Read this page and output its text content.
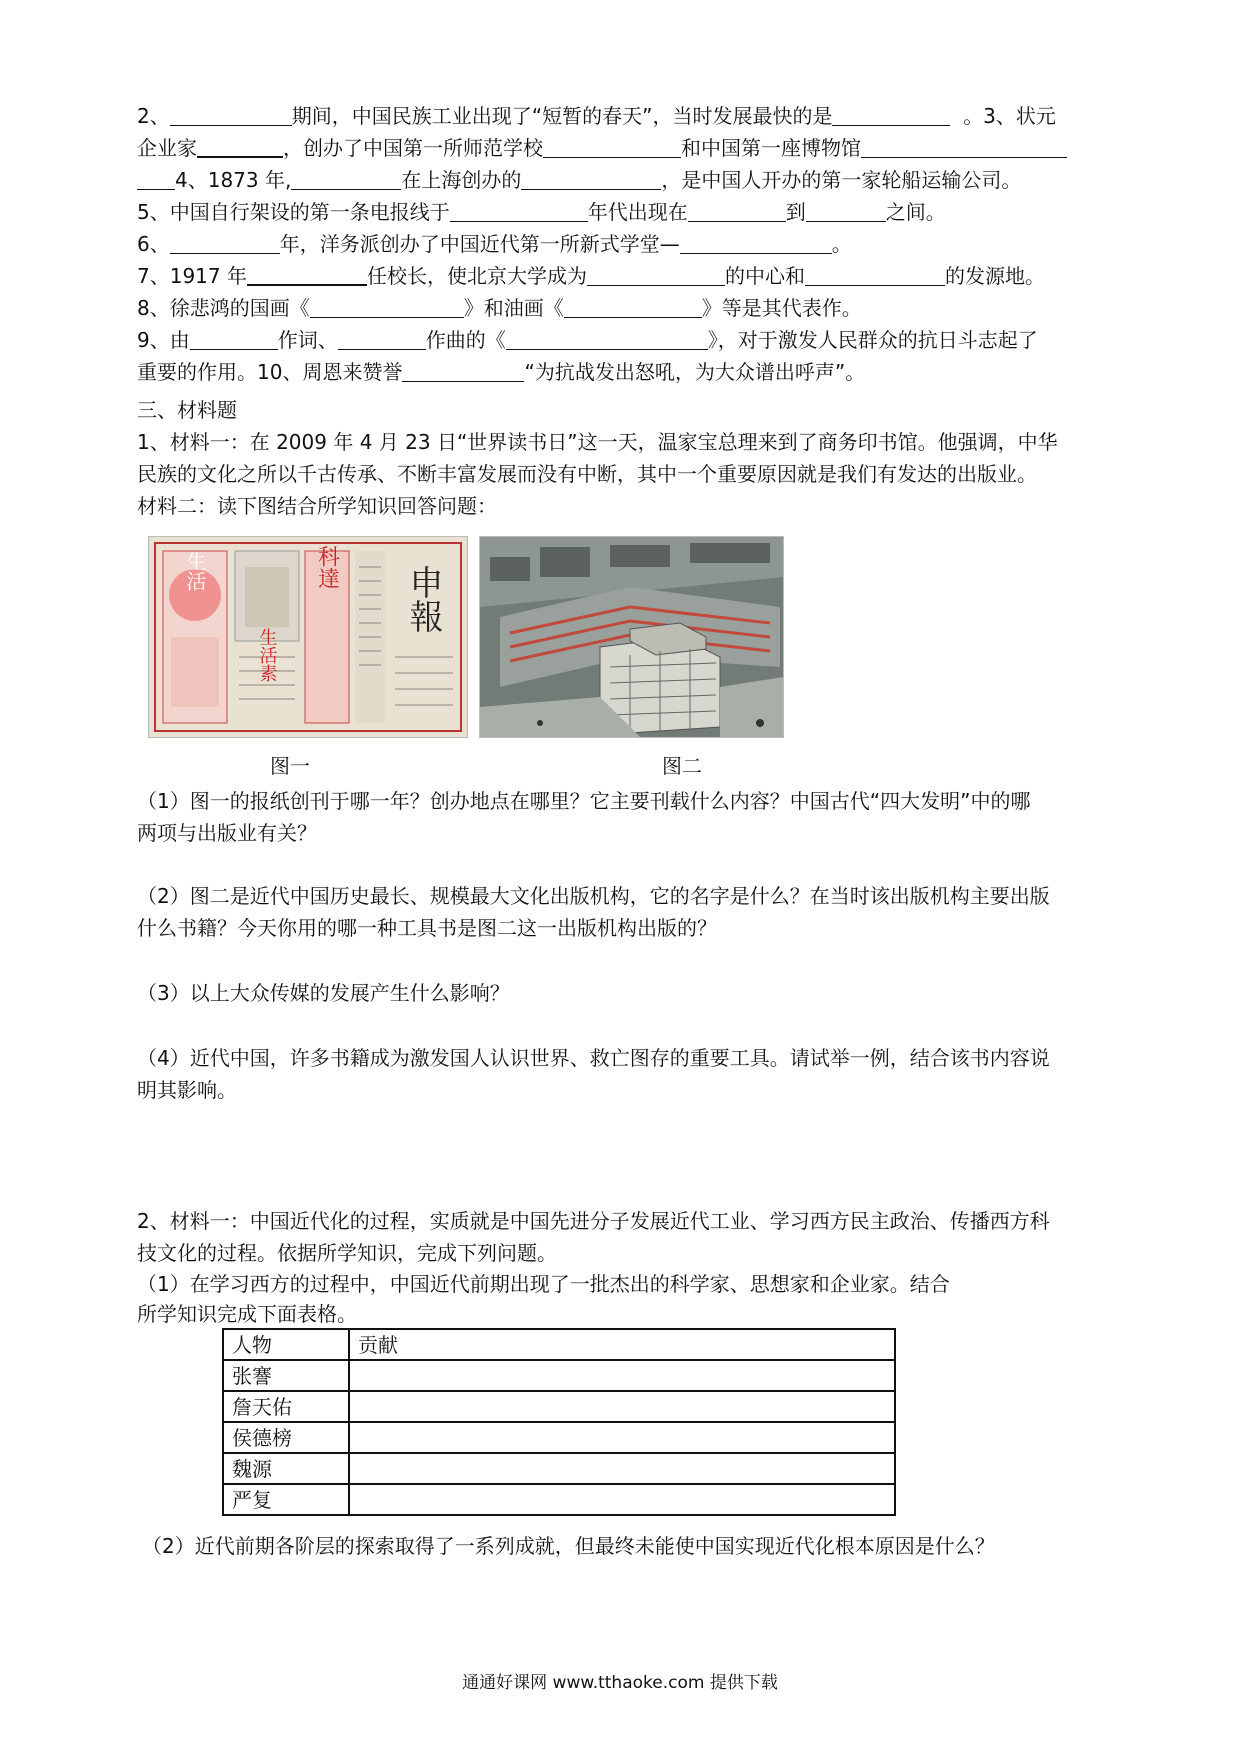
2、	期间，中国民族工业出现了“短暂的春天”，当时发展最快的是	。3、状元
企业家	，创办了中国第一所师范学校	和中国第一座博物馆
4、1873 年,	在上海创办的	，是中国人开办的第一家轮船运输公司。
5、中国自行架设的第一条电报线于	年代出现在	到	之间。
6、	年，洋务派创办了中国近代第一所新式学堂—	。
7、1917 年	任校长，使北京大学成为	的中心和	的发源地。
8、徐悲鸿的国画《	》和油画《	》等是其代表作。
9、由	作词、	作曲的《	》，对于激发人民群众的抗日斗志起了
重要的作用。10、周恩来赞誉	“为抗战发出怒吼，为大众谱出呼声”。
三、材料题
1、材料一：在 2009 年 4 月 23 日“世界读书日”这一天，温家宝总理来到了商务印书馆。他强调，中华
民族的文化之所以千古传承、不断丰富发展而没有中断，其中一个重要原因就是我们有发达的出版业。
材料二：读下图结合所学知识回答问题：
申報
科達
生活
生活素
图一	图二
（1）图一的报纸创刊于哪一年？创办地点在哪里？它主要刊载什么内容？中国古代“四大发明”中的哪
两项与出版业有关？
（2）图二是近代中国历史最长、规模最大文化出版机构，它的名字是什么？在当时该出版机构主要出版
什么书籍？今天你用的哪一种工具书是图二这一出版机构出版的？
（3）以上大众传媒的发展产生什么影响？
（4）近代中国，许多书籍成为激发国人认识世界、救亡图存的重要工具。请试举一例，结合该书内容说
明其影响。
2、材料一：中国近代化的过程，实质就是中国先进分子发展近代工业、学习西方民主政治、传播西方科
技文化的过程。依据所学知识，完成下列问题。
（1）在学习西方的过程中，中国近代前期出现了一批杰出的科学家、思想家和企业家。结合
所学知识完成下面表格。
人物	贡献
张謇	
詹天佑	
侯德榜	
魏源	
严复	
（2）近代前期各阶层的探索取得了一系列成就，但最终未能使中国实现近代化根本原因是什么？
通通好课网 www.tthaoke.com 提供下载
